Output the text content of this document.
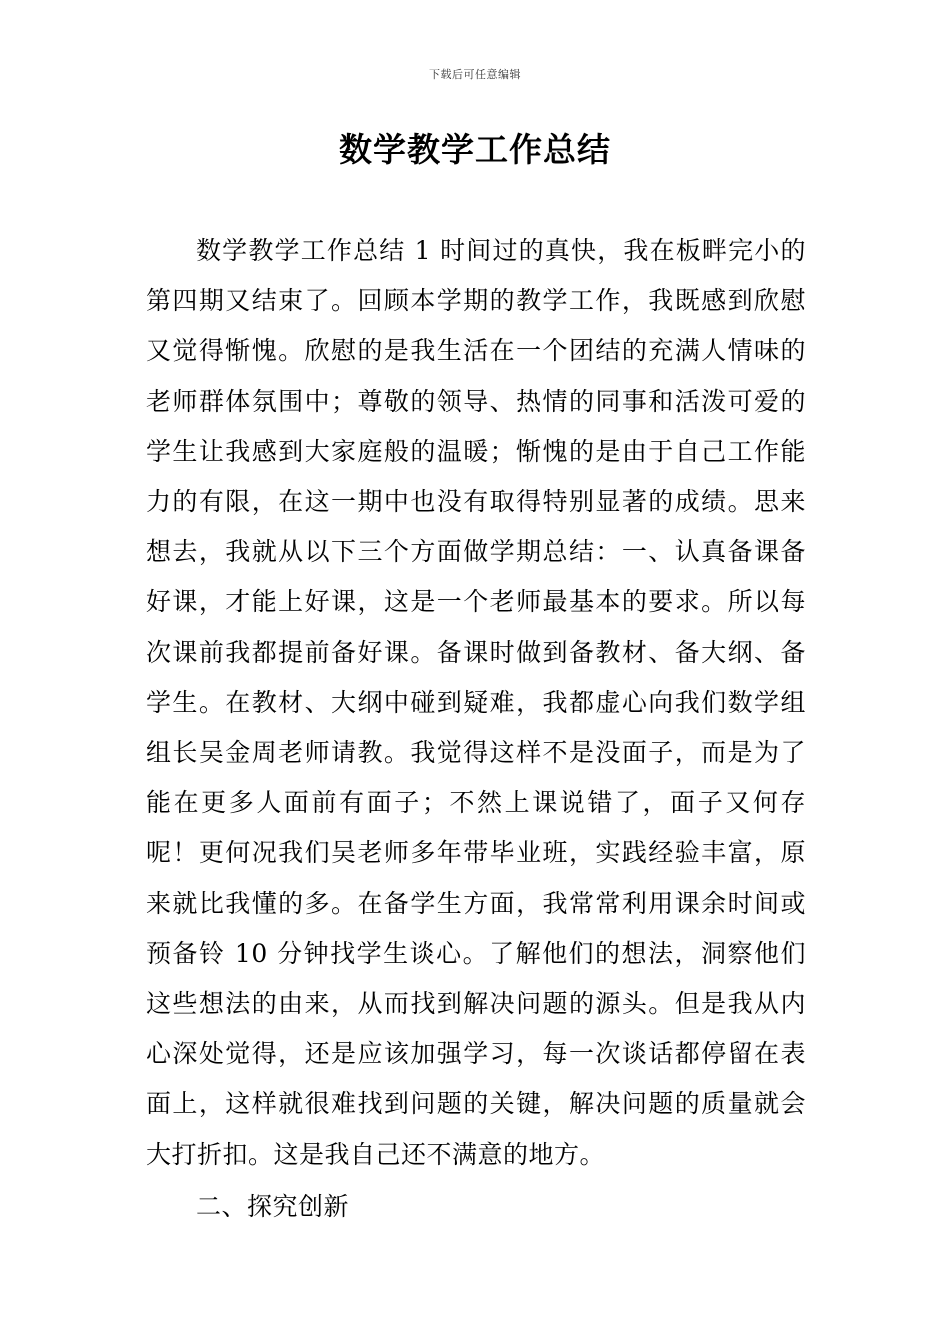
下载后可任意编辑
数学教学工作总结

数学教学工作总结 1 时间过的真快，我在板畔完小的第四期又结束了。回顾本学期的教学工作，我既感到欣慰又觉得惭愧。欣慰的是我生活在一个团结的充满人情味的老师群体氛围中；尊敬的领导、热情的同事和活泼可爱的学生让我感到大家庭般的温暖；惭愧的是由于自己工作能力的有限，在这一期中也没有取得特别显著的成绩。思来想去，我就从以下三个方面做学期总结：一、认真备课备好课，才能上好课，这是一个老师最基本的要求。所以每次课前我都提前备好课。备课时做到备教材、备大纲、备学生。在教材、大纲中碰到疑难，我都虚心向我们数学组组长吴金周老师请教。我觉得这样不是没面子，而是为了能在更多人面前有面子；不然上课说错了，面子又何存呢！更何况我们吴老师多年带毕业班，实践经验丰富，原来就比我懂的多。在备学生方面，我常常利用课余时间或预备铃 10 分钟找学生谈心。了解他们的想法，洞察他们这些想法的由来，从而找到解决问题的源头。但是我从内心深处觉得，还是应该加强学习，每一次谈话都停留在表面上，这样就很难找到问题的关键，解决问题的质量就会大打折扣。这是我自己还不满意的地方。

二、探究创新
